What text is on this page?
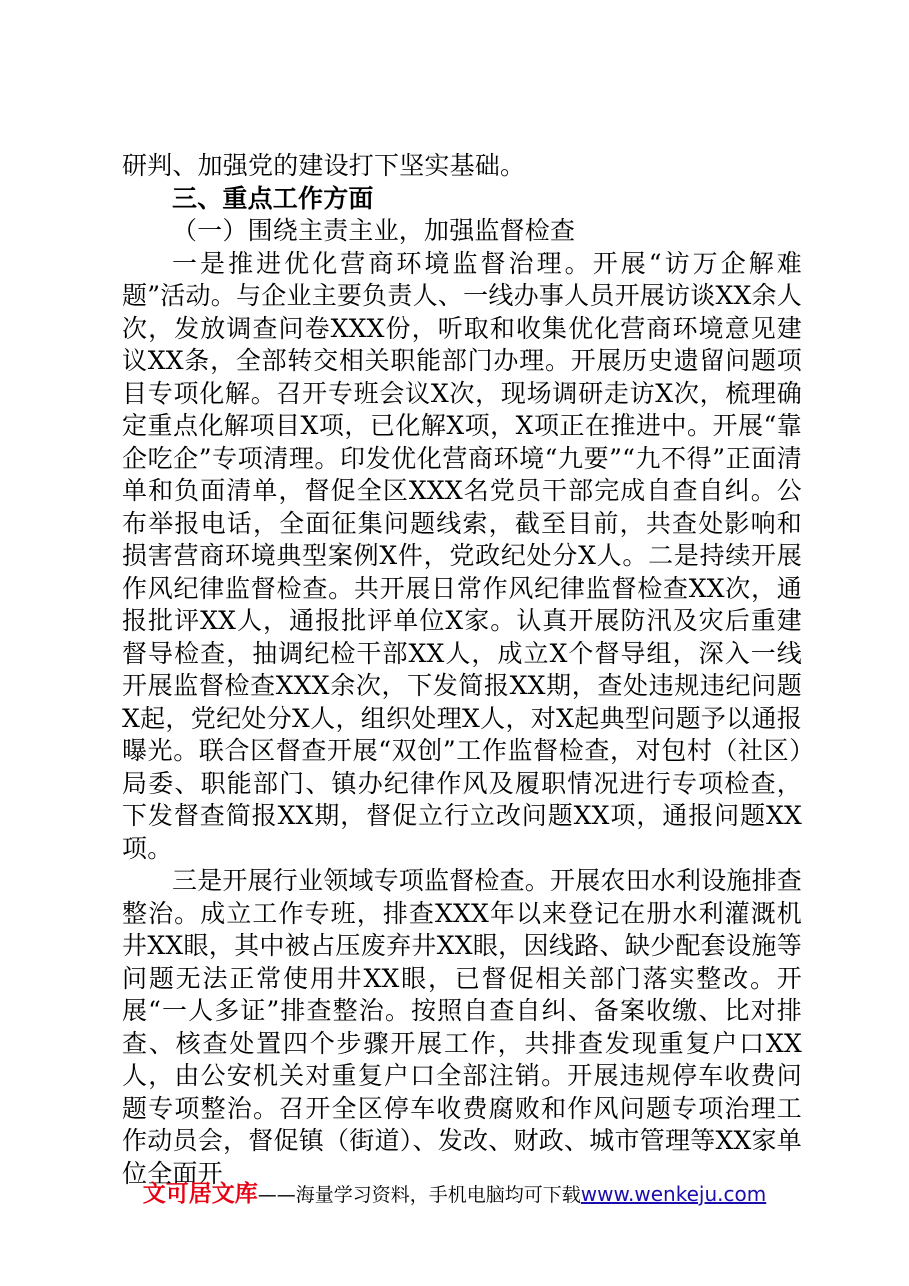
研判、加强党的建设打下坚实基础。

三、重点工作方面

（一）围绕主责主业，加强监督检查

一是推进优化营商环境监督治理。开展“访万企解难题”活动。与企业主要负责人、一线办事人员开展访谈XX余人次，发放调查问卷XXX份，听取和收集优化营商环境意见建议XX条，全部转交相关职能部门办理。开展历史遗留问题项目专项化解。召开专班会议X次，现场调研走访X次，梳理确定重点化解项目X项，已化解X项，X项正在推进中。开展“靠企吃企”专项清理。印发优化营商环境“九要”“九不得”正面清单和负面清单，督促全区XXX名党员干部完成自查自纠。公布举报电话，全面征集问题线索，截至目前，共查处影响和损害营商环境典型案例X件，党政纪处分X人。二是持续开展作风纪律监督检查。共开展日常作风纪律监督检查XX次，通报批评XX人，通报批评单位X家。认真开展防汛及灾后重建督导检查，抽调纪检干部XX人，成立X个督导组，深入一线开展监督检查XXX余次，下发简报XX期，查处违规违纪问题X起，党纪处分X人，组织处理X人，对X起典型问题予以通报曝光。联合区督查开展“双创”工作监督检查，对包村（社区）局委、职能部门、镇办纪律作风及履职情况进行专项检查，下发督查简报XX期，督促立行立改问题XX项，通报问题XX项。

三是开展行业领域专项监督检查。开展农田水利设施排查整治。成立工作专班，排查XXX年以来登记在册水利灌溉机井XX眼，其中被占压废弃井XX眼，因线路、缺少配套设施等问题无法正常使用井XX眼，已督促相关部门落实整改。开展“一人多证”排查整治。按照自查自纠、备案收缴、比对排查、核查处置四个步骤开展工作，共排查发现重复户口XX人，由公安机关对重复户口全部注销。开展违规停车收费问题专项整治。召开全区停车收费腐败和作风问题专项治理工作动员会，督促镇（街道）、发改、财政、城市管理等XX家单位全面开

文可居文库——海量学习资料，手机电脑均可下载www.wenkeju.com
